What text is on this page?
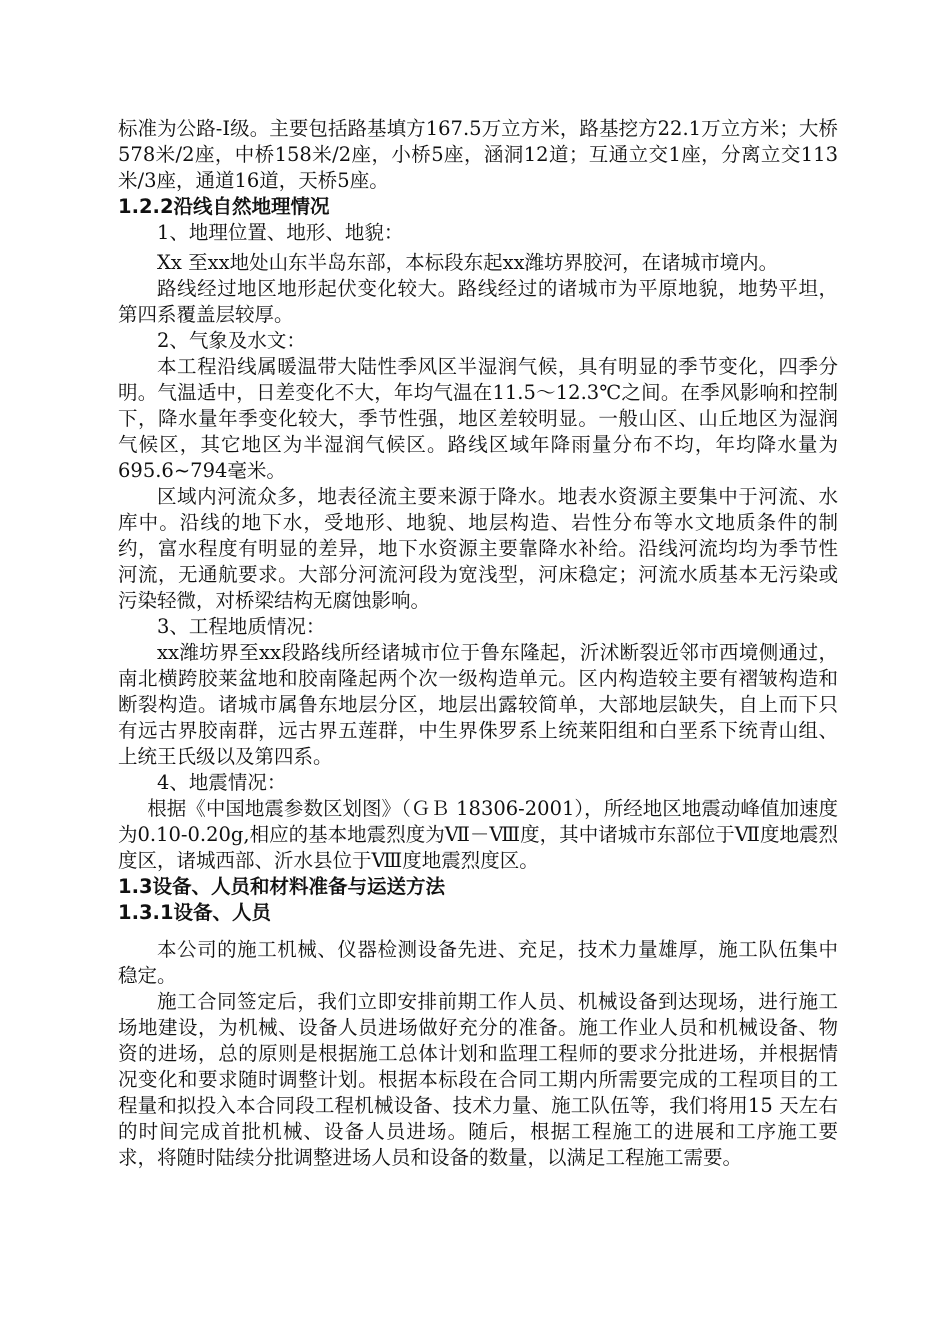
标准为公路-I级。主要包括路基填方167.5万立方米，路基挖方22.1万立方米；大桥578米/2座，中桥158米/2座，小桥5座，涵洞12道；互通立交1座，分离立交113米/3座，通道16道，天桥5座。

1.2.2沿线自然地理情况

1、地理位置、地形、地貌：

Xx 至xx地处山东半岛东部，本标段东起xx潍坊界胶河，在诸城市境内。

路线经过地区地形起伏变化较大。路线经过的诸城市为平原地貌，地势平坦，第四系覆盖层较厚。

2、气象及水文：

本工程沿线属暖温带大陆性季风区半湿润气候，具有明显的季节变化，四季分明。气温适中，日差变化不大，年均气温在11.5～12.3℃之间。在季风影响和控制下，降水量年季变化较大，季节性强，地区差较明显。一般山区、山丘地区为湿润气候区，其它地区为半湿润气候区。路线区域年降雨量分布不均，年均降水量为695.6~794毫米。

区域内河流众多，地表径流主要来源于降水。地表水资源主要集中于河流、水库中。沿线的地下水，受地形、地貌、地层构造、岩性分布等水文地质条件的制约，富水程度有明显的差异，地下水资源主要靠降水补给。沿线河流均均为季节性河流，无通航要求。大部分河流河段为宽浅型，河床稳定；河流水质基本无污染或污染轻微，对桥梁结构无腐蚀影响。

3、工程地质情况：

xx潍坊界至xx段路线所经诸城市位于鲁东隆起，沂沭断裂近邻市西境侧通过，南北横跨胶莱盆地和胶南隆起两个次一级构造单元。区内构造较主要有褶皱构造和断裂构造。诸城市属鲁东地层分区，地层出露较简单，大部地层缺失，自上而下只有远古界胶南群，远古界五莲群，中生界侏罗系上统莱阳组和白垩系下统青山组、上统王氏级以及第四系。

4、地震情况：

根据《中国地震参数区划图》（ＧＢ 18306-2001），所经地区地震动峰值加速度为0.10-0.20g,相应的基本地震烈度为Ⅶ－Ⅷ度，其中诸城市东部位于Ⅶ度地震烈度区，诸城西部、沂水县位于Ⅷ度地震烈度区。

1.3设备、人员和材料准备与运送方法
1.3.1设备、人员

本公司的施工机械、仪器检测设备先进、充足，技术力量雄厚，施工队伍集中稳定。

施工合同签定后，我们立即安排前期工作人员、机械设备到达现场，进行施工场地建设，为机械、设备人员进场做好充分的准备。施工作业人员和机械设备、物资的进场，总的原则是根据施工总体计划和监理工程师的要求分批进场，并根据情况变化和要求随时调整计划。根据本标段在合同工期内所需要完成的工程项目的工程量和拟投入本合同段工程机械设备、技术力量、施工队伍等，我们将用15 天左右的时间完成首批机械、设备人员进场。随后，根据工程施工的进展和工序施工要求，将随时陆续分批调整进场人员和设备的数量，以满足工程施工需要。
